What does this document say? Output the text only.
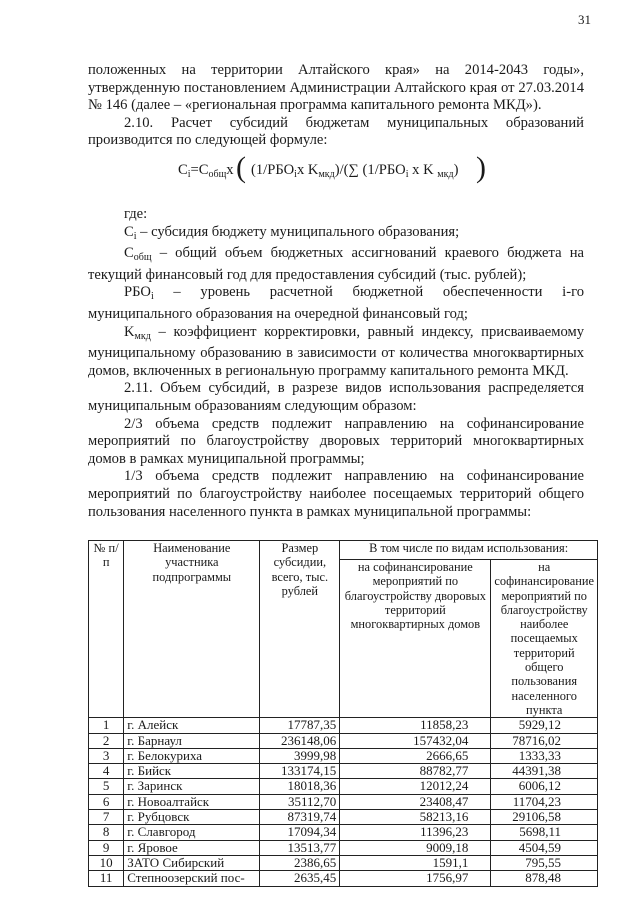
31

положенных на территории Алтайского края» на 2014-2043 годы», утвержденную постановлением Администрации Алтайского края от 27.03.2014 № 146 (далее – «региональная программа капитального ремонта МКД»).

2.10. Расчет субсидий бюджетам муниципальных образований производится по следующей формуле:

$C_i=C_{общ}x$ ( ($1/РБО_ix$ $K_{мкд})/(\sum$ ($1/РБО_i$ x K $_{мкд}$) )

где:

$C_i$ – субсидия бюджету муниципального образования;

$C_{общ}$ – общий объем бюджетных ассигнований краевого бюджета на текущий финансовый год для предоставления субсидий (тыс. рублей);

$РБО_i$ – уровень расчетной бюджетной обеспеченности i-го муниципального образования на очередной финансовый год;

$K_{мкд}$ – коэффициент корректировки, равный индексу, присваиваемому муниципальному образованию в зависимости от количества многоквартирных домов, включенных в региональную программу капитального ремонта МКД.

2.11. Объем субсидий, в разрезе видов использования распределяется муниципальным образованиям следующим образом:

2/3 объема средств подлежит направлению на софинансирование мероприятий по благоустройству дворовых территорий многоквартирных домов в рамках муниципальной программы;

1/3 объема средств подлежит направлению на софинансирование мероприятий по благоустройству наиболее посещаемых территорий общего пользования населенного пункта в рамках муниципальной программы:

№ п/п	Наименование участника подпрограммы	Размер субсидии, всего, тыс. рублей	В том числе по видам использования:	
			на софинансирование мероприятий по благоустройству дворовых территорий многоквартирных домов	на софинансирование мероприятий по благоустройству наиболее посещаемых территорий общего пользования населенного пункта
1	г. Алейск	17787,35	11858,23	5929,12
2	г. Барнаул	236148,06	157432,04	78716,02
3	г. Белокуриха	3999,98	2666,65	1333,33
4	г. Бийск	133174,15	88782,77	44391,38
5	г. Заринск	18018,36	12012,24	6006,12
6	г. Новоалтайск	35112,70	23408,47	11704,23
7	г. Рубцовск	87319,74	58213,16	29106,58
8	г. Славгород	17094,34	11396,23	5698,11
9	г. Яровое	13513,77	9009,18	4504,59
10	ЗАТО Сибирский	2386,65	1591,1	795,55
11	Степноозерский пос-	2635,45	1756,97	878,48
